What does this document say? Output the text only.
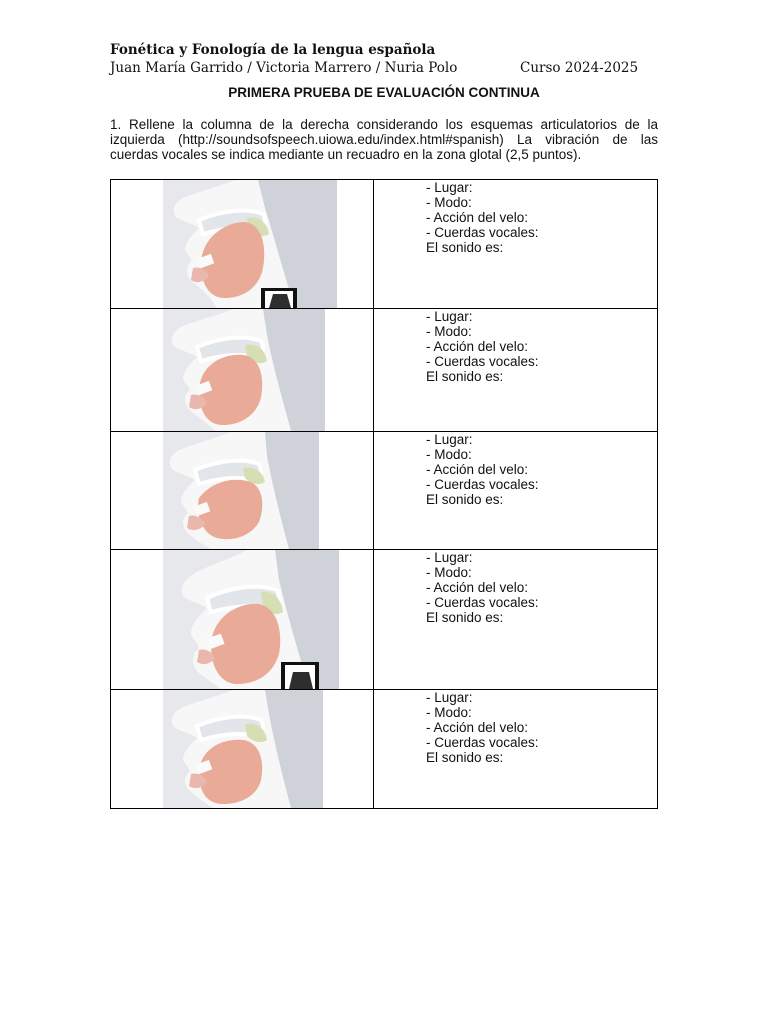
Fonética y Fonología de la lengua española
Juan María Garrido / Victoria Marrero / Nuria Polo	Curso 2024-2025
PRIMERA PRUEBA DE EVALUACIÓN CONTINUA
1. Rellene la columna de la derecha considerando los esquemas articulatorios de la izquierda (http://soundsofspeech.uiowa.edu/index.html#spanish) La vibración de las cuerdas vocales se indica mediante un recuadro en la zona glotal (2,5 puntos).

- Lugar:
- Modo:
- Acción del velo:
- Cuerdas vocales:
El sonido es:

- Lugar:
- Modo:
- Acción del velo:
- Cuerdas vocales:
El sonido es:

- Lugar:
- Modo:
- Acción del velo:
- Cuerdas vocales:
El sonido es:

- Lugar:
- Modo:
- Acción del velo:
- Cuerdas vocales:
El sonido es:

- Lugar:
- Modo:
- Acción del velo:
- Cuerdas vocales:
El sonido es:
